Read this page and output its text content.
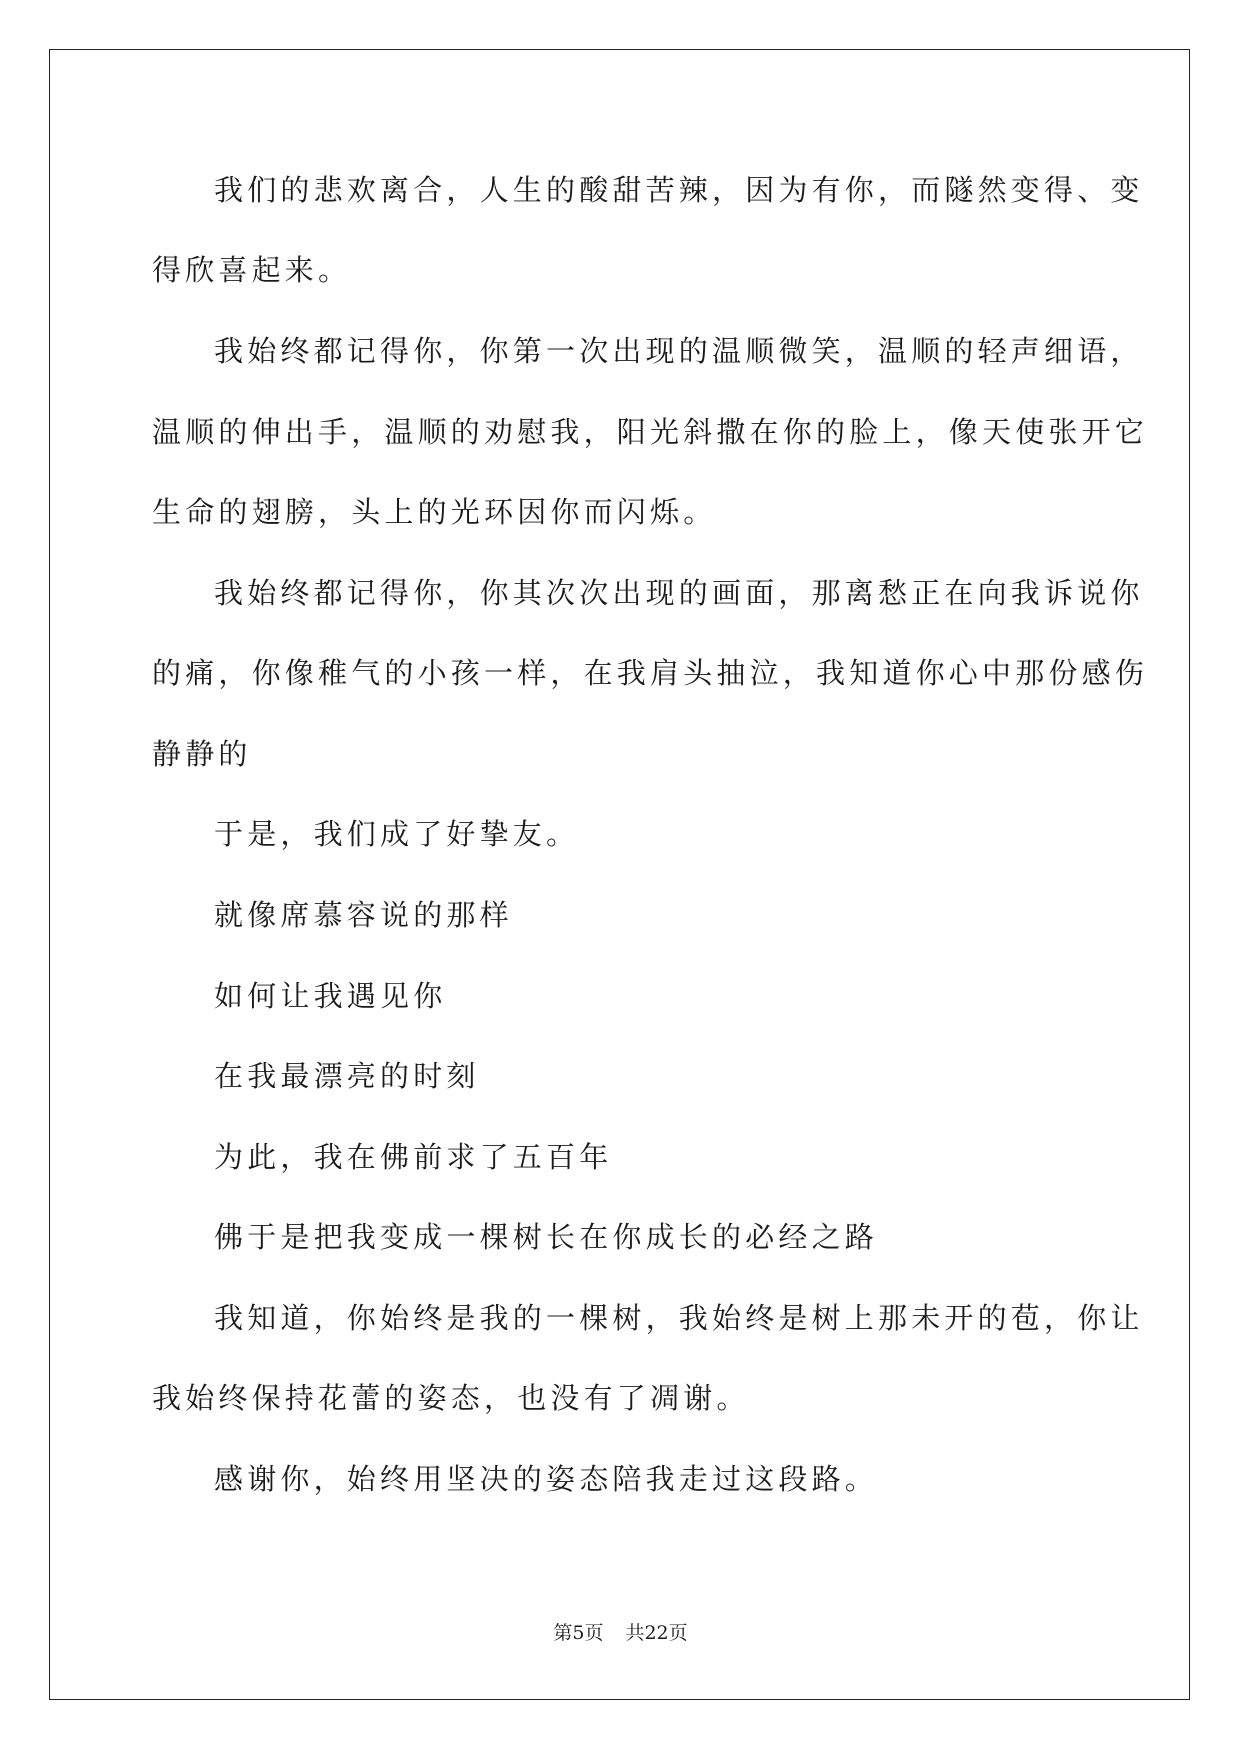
我们的悲欢离合，人生的酸甜苦辣，因为有你，而隧然变得、变

得欣喜起来。

我始终都记得你，你第一次出现的温顺微笑，温顺的轻声细语，

温顺的伸出手，温顺的劝慰我，阳光斜撒在你的脸上，像天使张开它

生命的翅膀，头上的光环因你而闪烁。

我始终都记得你，你其次次出现的画面，那离愁正在向我诉说你

的痛，你像稚气的小孩一样，在我肩头抽泣，我知道你心中那份感伤

静静的

于是，我们成了好挚友。

就像席慕容说的那样

如何让我遇见你

在我最漂亮的时刻

为此，我在佛前求了五百年

佛于是把我变成一棵树长在你成长的必经之路

我知道，你始终是我的一棵树，我始终是树上那未开的苞，你让

我始终保持花蕾的姿态，也没有了凋谢。

感谢你，始终用坚决的姿态陪我走过这段路。

第5页 共22页
